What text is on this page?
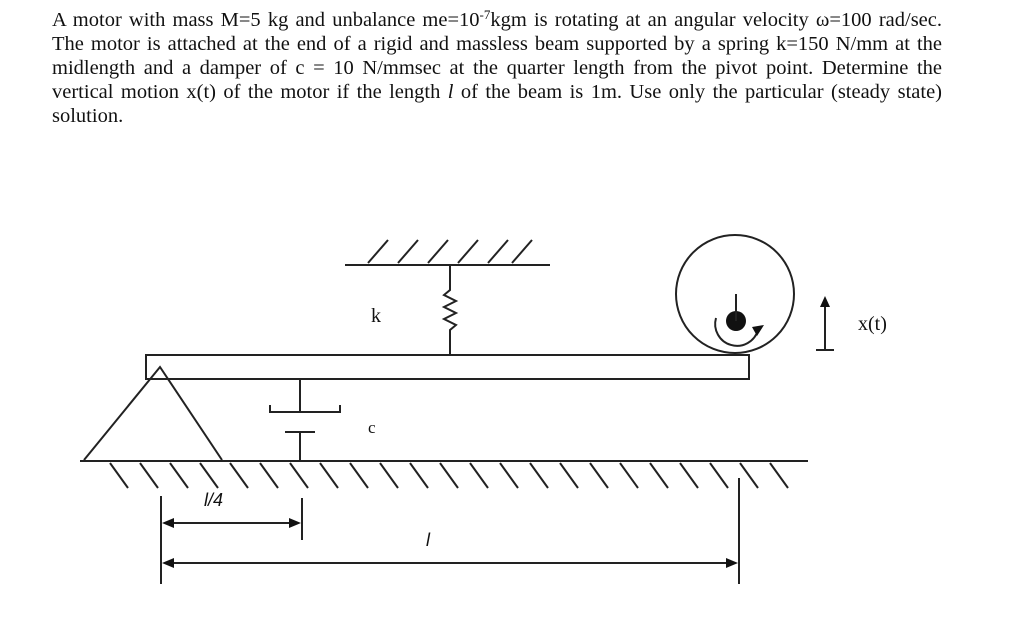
A motor with mass M=5 kg and unbalance $me=10^{-7}kgm$ is rotating at an angular velocity ω=100 rad/sec. The motor is attached at the end of a rigid and massless beam supported by a spring k=150 N/mm at the midlength and a damper of c = 10 N/mmsec at the quarter length from the pivot point. Determine the vertical motion x(t) of the motor if the length l of the beam is 1m. Use only the particular (steady state) solution.
k
c
x(t)
l/4
l
